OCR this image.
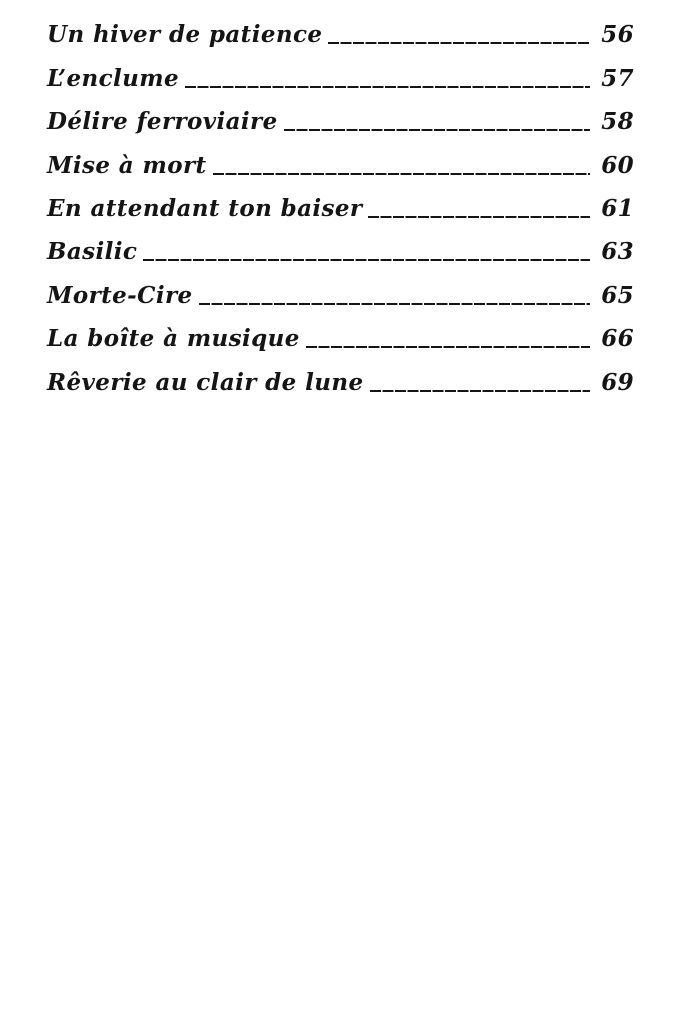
Un hiver de patience	56
L’enclume	57
Délire ferroviaire	58
Mise à mort	60
En attendant ton baiser	61
Basilic	63
Morte-Cire	65
La boîte à musique	66
Rêverie au clair de lune	69
